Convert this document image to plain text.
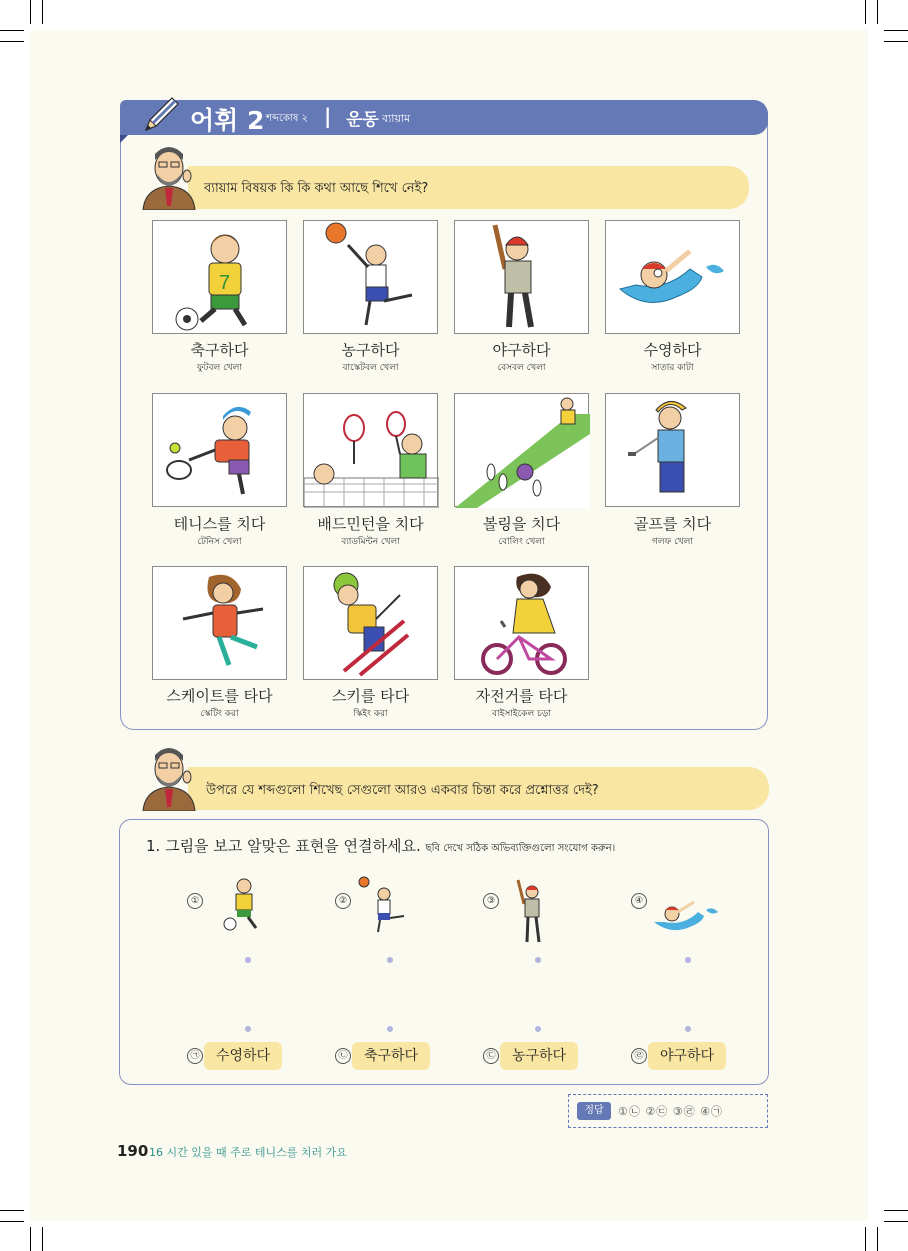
어휘 2 শব্দকোষ ২ | 운동 ব্যায়াম
ব্যায়াম বিষয়ক কি কি কথা আছে শিখে নেই?
7
축구하다
ফুটবল খেলা
농구하다
বাস্কেটবল খেলা
야구하다
বেসবল খেলা
수영하다
সাতার কাটা
테니스를 치다
টেনিস খেলা
배드민턴을 치다
ব্যাডমিন্টন খেলা
볼링을 치다
বোলিং খেলা
골프를 치다
গলফ খেলা
스케이트를 타다
স্কেটিং করা
스키를 타다
স্কিইং করা
자전거를 타다
বাইসাইকেল চড়া
উপরে যে শব্দগুলো শিখেছ সেগুলো আরও একবার চিন্তা করে প্রশ্নোত্তর দেই?
1. 그림을 보고 알맞은 표현을 연결하세요. ছবি দেখে সঠিক অভিব্যক্তিগুলো সংযোগ করুন।
①	②	③	④
㉠	수영하다	㉡	축구하다	㉢	농구하다	㉣	야구하다
정답	①㉡ ②㉢ ③㉣ ④㉠
190 16 시간 있을 때 주로 테니스를 치러 가요
